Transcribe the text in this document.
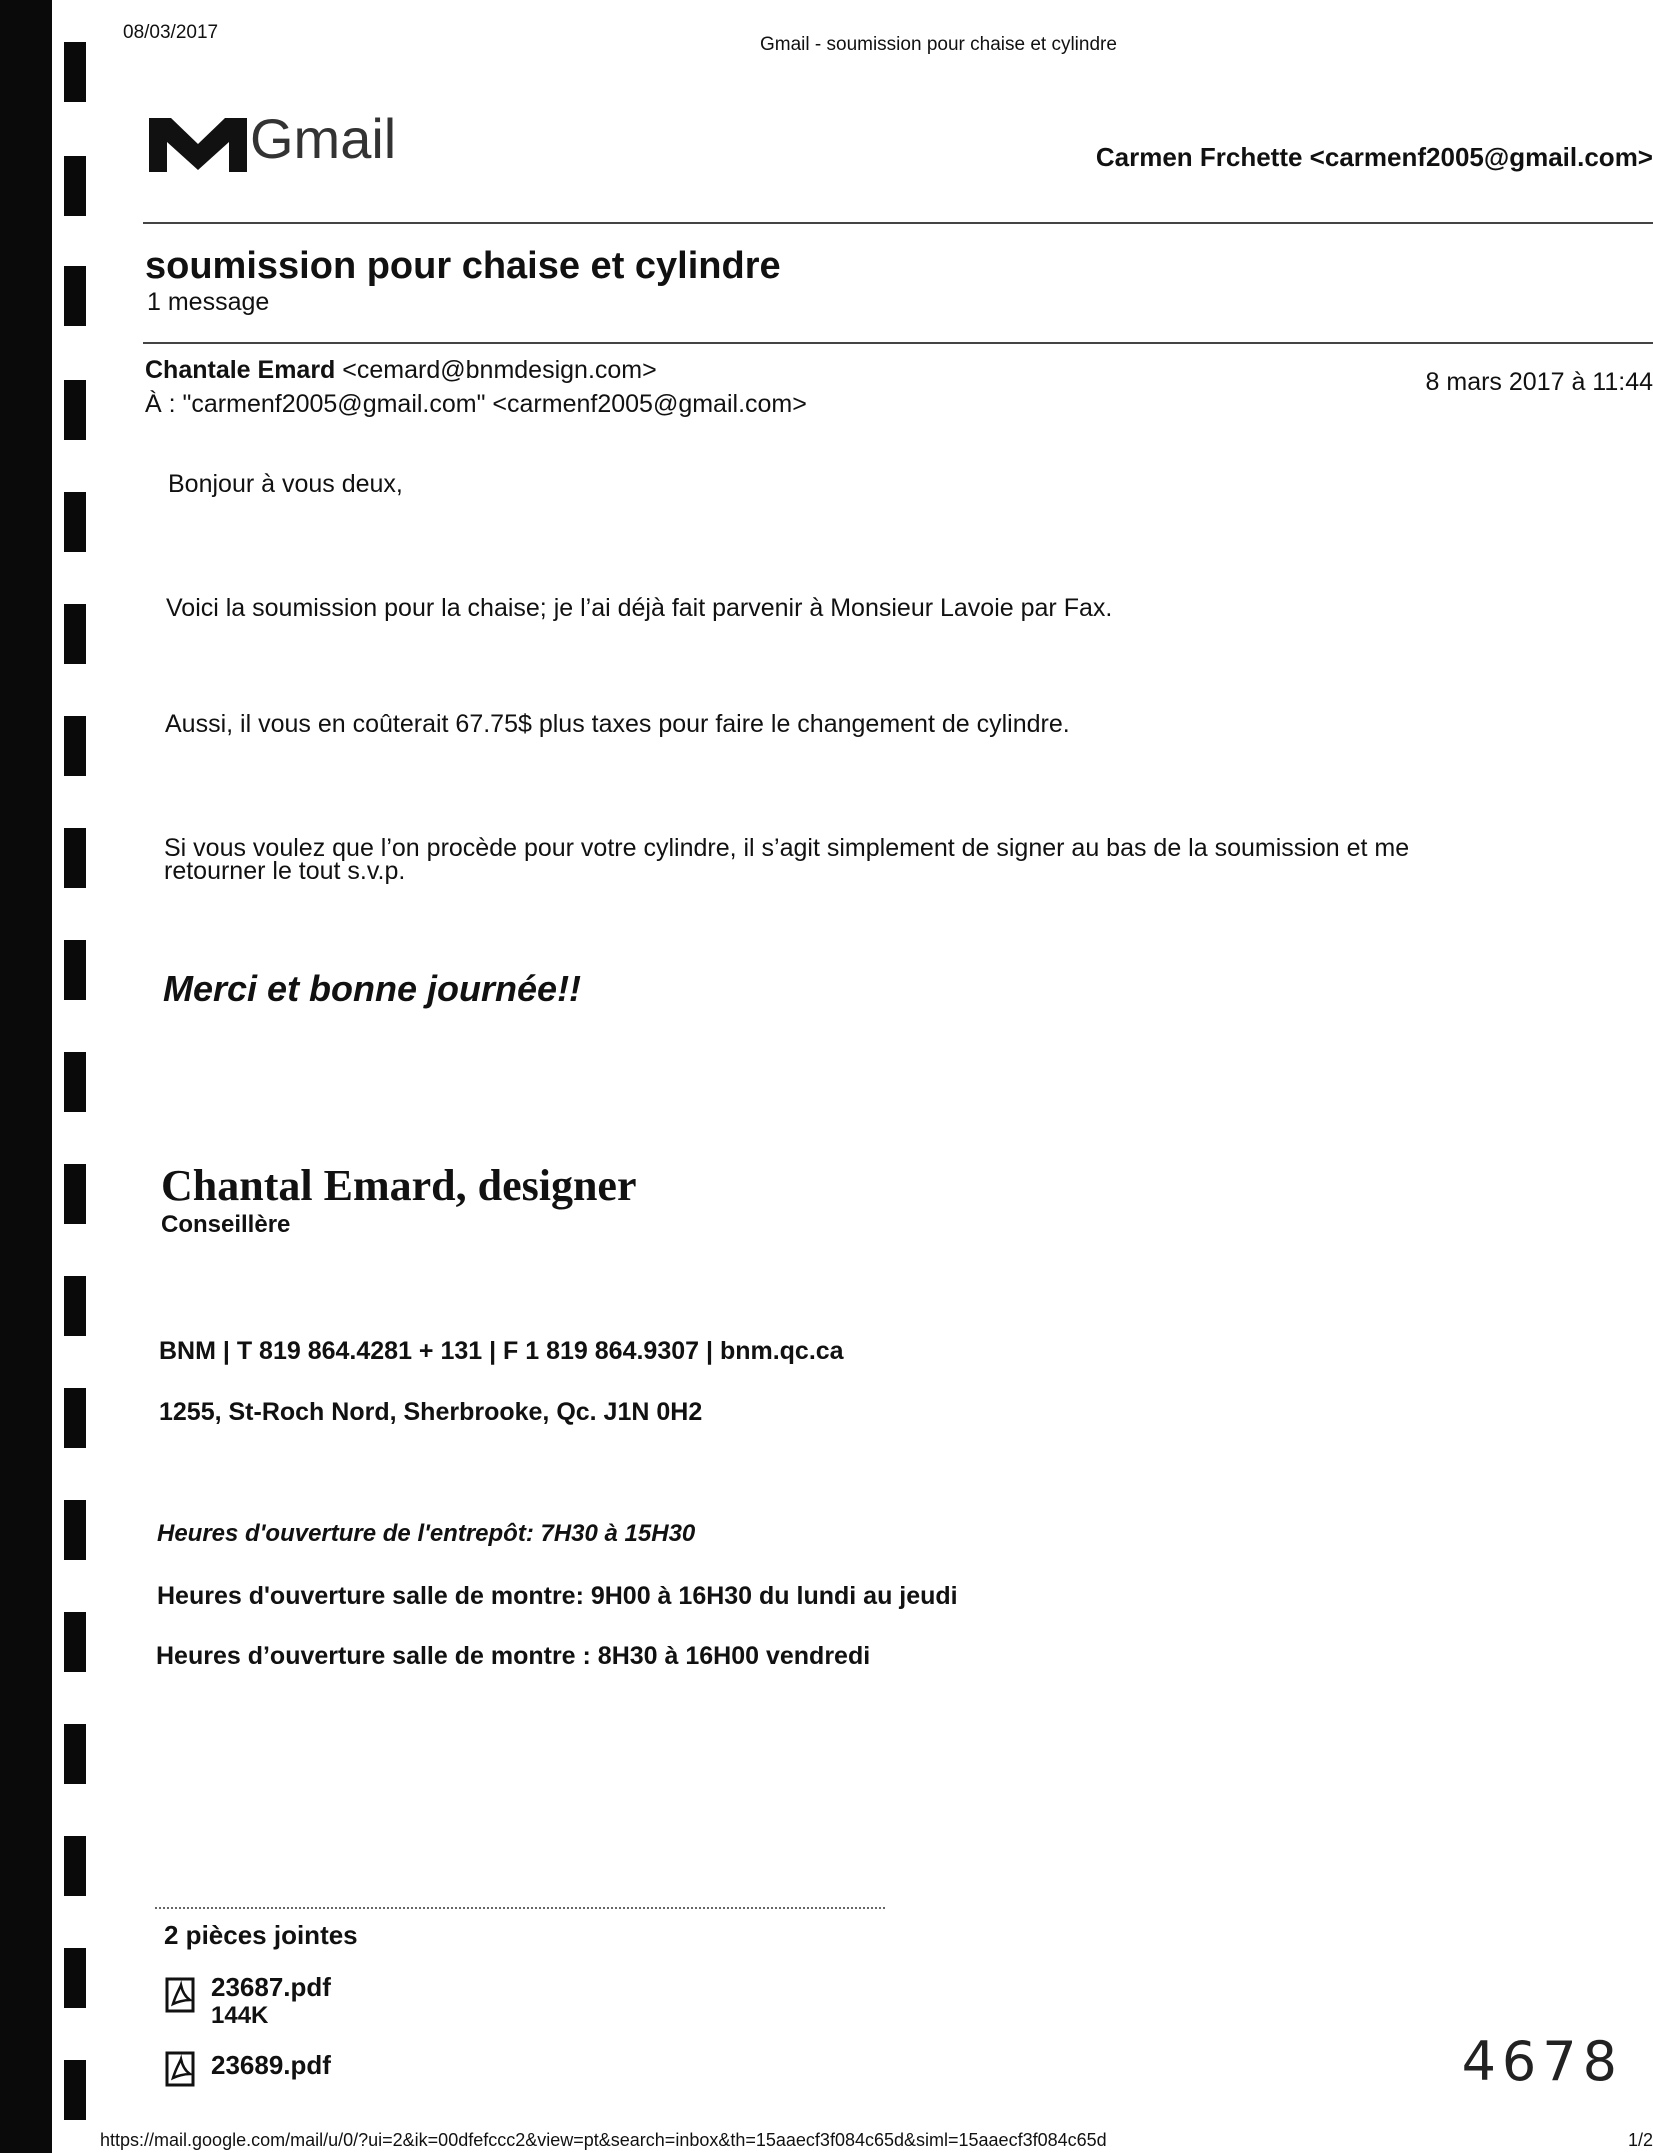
08/03/2017
Gmail - soumission pour chaise et cylindre
Gmail	Carmen Frchette <carmenf2005@gmail.com>
soumission pour chaise et cylindre
1 message
Chantale Emard <cemard@bnmdesign.com>
À : "carmenf2005@gmail.com" <carmenf2005@gmail.com>
8 mars 2017 à 11:44
Bonjour à vous deux,
Voici la soumission pour la chaise; je l’ai déjà fait parvenir à Monsieur Lavoie par Fax.
Aussi, il vous en coûterait 67.75$ plus taxes pour faire le changement de cylindre.
Si vous voulez que l’on procède pour votre cylindre, il s’agit simplement de signer au bas de la soumission et me
retourner le tout s.v.p.
Merci et bonne journée!!
Chantal Emard, designer
Conseillère
BNM | T 819 864.4281 + 131 | F 1 819 864.9307 | bnm.qc.ca
1255, St-Roch Nord, Sherbrooke, Qc. J1N 0H2
Heures d'ouverture de l'entrepôt: 7H30 à 15H30
Heures d'ouverture salle de montre: 9H00 à 16H30 du lundi au jeudi
Heures d’ouverture salle de montre : 8H30 à 16H00 vendredi
2 pièces jointes
23687.pdf
144K
23689.pdf	4678
https://mail.google.com/mail/u/0/?ui=2&ik=00dfefccc2&view=pt&search=inbox&th=15aaecf3f084c65d&siml=15aaecf3f084c65d	1/2
